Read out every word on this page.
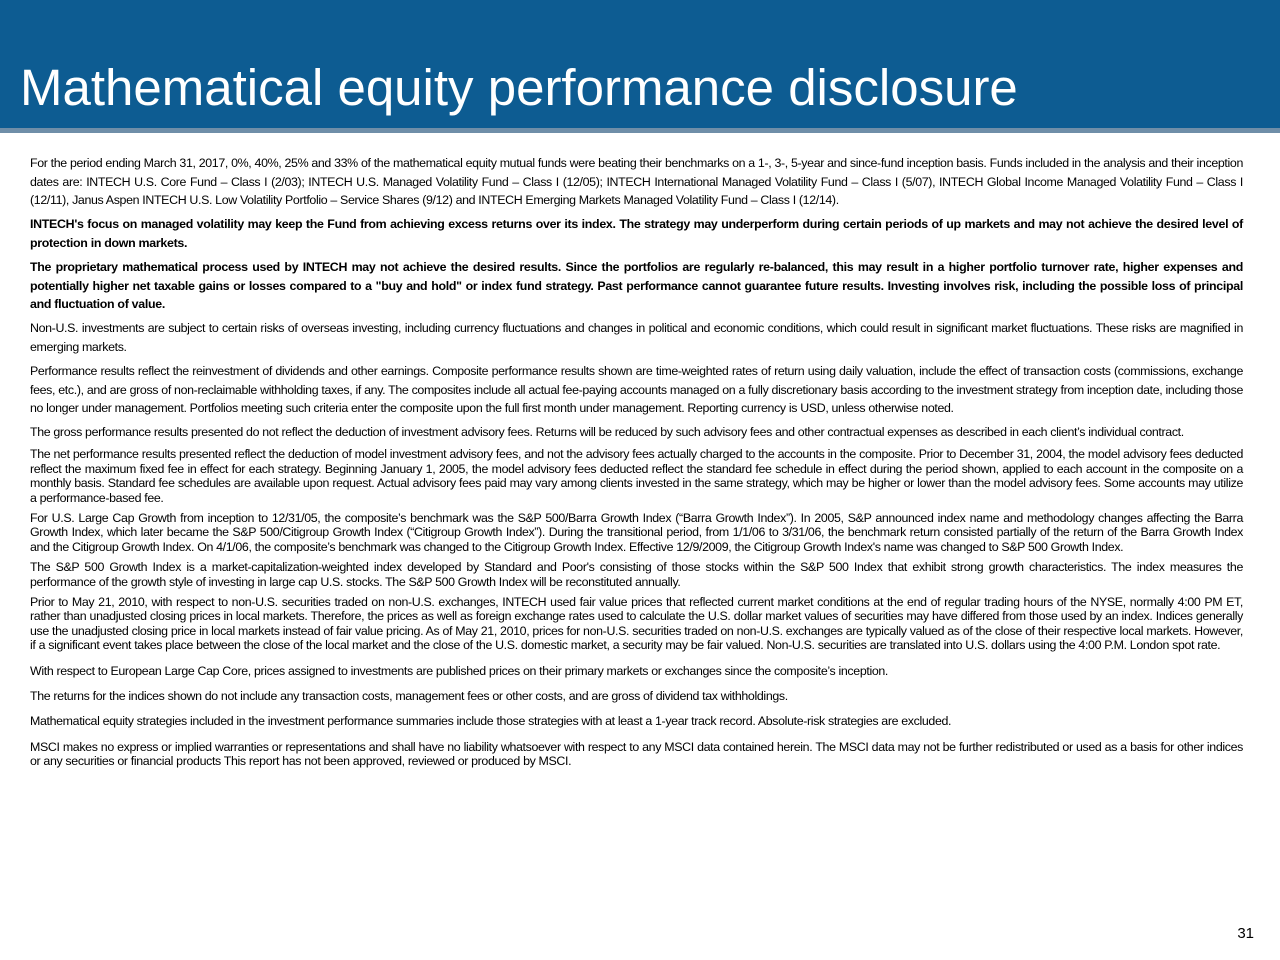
Mathematical equity performance disclosure

For the period ending March 31, 2017, 0%, 40%, 25% and 33% of the mathematical equity mutual funds were beating their benchmarks on a 1-, 3-, 5-year and since-fund inception basis. Funds included in the analysis and their inception dates are: INTECH U.S. Core Fund – Class I (2/03); INTECH U.S. Managed Volatility Fund – Class I (12/05); INTECH International Managed Volatility Fund – Class I (5/07), INTECH Global Income Managed Volatility Fund – Class I (12/11), Janus Aspen INTECH U.S. Low Volatility Portfolio – Service Shares (9/12) and INTECH Emerging Markets Managed Volatility Fund – Class I (12/14).

INTECH's focus on managed volatility may keep the Fund from achieving excess returns over its index. The strategy may underperform during certain periods of up markets and may not achieve the desired level of protection in down markets.

The proprietary mathematical process used by INTECH may not achieve the desired results. Since the portfolios are regularly re-balanced, this may result in a higher portfolio turnover rate, higher expenses and potentially higher net taxable gains or losses compared to a "buy and hold" or index fund strategy. Past performance cannot guarantee future results. Investing involves risk, including the possible loss of principal and fluctuation of value.

Non-U.S. investments are subject to certain risks of overseas investing, including currency fluctuations and changes in political and economic conditions, which could result in significant market fluctuations. These risks are magnified in emerging markets.

Performance results reflect the reinvestment of dividends and other earnings. Composite performance results shown are time-weighted rates of return using daily valuation, include the effect of transaction costs (commissions, exchange fees, etc.), and are gross of non-reclaimable withholding taxes, if any. The composites include all actual fee-paying accounts managed on a fully discretionary basis according to the investment strategy from inception date, including those no longer under management. Portfolios meeting such criteria enter the composite upon the full first month under management. Reporting currency is USD, unless otherwise noted.

The gross performance results presented do not reflect the deduction of investment advisory fees. Returns will be reduced by such advisory fees and other contractual expenses as described in each client’s individual contract.

The net performance results presented reflect the deduction of model investment advisory fees, and not the advisory fees actually charged to the accounts in the composite. Prior to December 31, 2004, the model advisory fees deducted reflect the maximum fixed fee in effect for each strategy. Beginning January 1, 2005, the model advisory fees deducted reflect the standard fee schedule in effect during the period shown, applied to each account in the composite on a monthly basis. Standard fee schedules are available upon request. Actual advisory fees paid may vary among clients invested in the same strategy, which may be higher or lower than the model advisory fees. Some accounts may utilize a performance-based fee.

For U.S. Large Cap Growth from inception to 12/31/05, the composite’s benchmark was the S&P 500/Barra Growth Index (“Barra Growth Index”). In 2005, S&P announced index name and methodology changes affecting the Barra Growth Index, which later became the S&P 500/Citigroup Growth Index (“Citigroup Growth Index”). During the transitional period, from 1/1/06 to 3/31/06, the benchmark return consisted partially of the return of the Barra Growth Index and the Citigroup Growth Index. On 4/1/06, the composite’s benchmark was changed to the Citigroup Growth Index. Effective 12/9/2009, the Citigroup Growth Index's name was changed to S&P 500 Growth Index.

The S&P 500 Growth Index is a market-capitalization-weighted index developed by Standard and Poor's consisting of those stocks within the S&P 500 Index that exhibit strong growth characteristics. The index measures the performance of the growth style of investing in large cap U.S. stocks. The S&P 500 Growth Index will be reconstituted annually.

Prior to May 21, 2010, with respect to non-U.S. securities traded on non-U.S. exchanges, INTECH used fair value prices that reflected current market conditions at the end of regular trading hours of the NYSE, normally 4:00 PM ET, rather than unadjusted closing prices in local markets. Therefore, the prices as well as foreign exchange rates used to calculate the U.S. dollar market values of securities may have differed from those used by an index. Indices generally use the unadjusted closing price in local markets instead of fair value pricing. As of May 21, 2010, prices for non-U.S. securities traded on non-U.S. exchanges are typically valued as of the close of their respective local markets. However, if a significant event takes place between the close of the local market and the close of the U.S. domestic market, a security may be fair valued. Non-U.S. securities are translated into U.S. dollars using the 4:00 P.M. London spot rate.

With respect to European Large Cap Core, prices assigned to investments are published prices on their primary markets or exchanges since the composite’s inception.

The returns for the indices shown do not include any transaction costs, management fees or other costs, and are gross of dividend tax withholdings.

Mathematical equity strategies included in the investment performance summaries include those strategies with at least a 1-year track record. Absolute-risk strategies are excluded.

MSCI makes no express or implied warranties or representations and shall have no liability whatsoever with respect to any MSCI data contained herein. The MSCI data may not be further redistributed or used as a basis for other indices or any securities or financial products This report has not been approved, reviewed or produced by MSCI.

31
